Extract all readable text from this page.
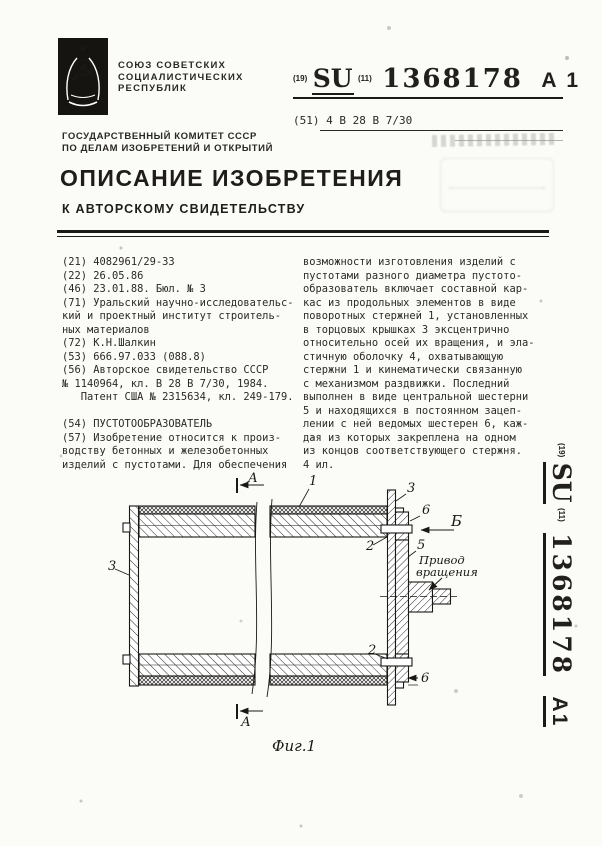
★
☭ СОЮЗ СОВЕТСКИХ
СОЦИАЛИСТИЧЕСКИХ
РЕСПУБЛИК
ГОСУДАРСТВЕННЫЙ КОМИТЕТ СССР
ПО ДЕЛАМ ИЗОБРЕТЕНИЙ И ОТКРЫТИЙ
$^{(19)}$ SU $^{(11)}$ 1368178 А 1
(51) 4 В 28 В 7/30
ОПИСАНИЕ ИЗОБРЕТЕНИЯ
К АВТОРСКОМУ СВИДЕТЕЛЬСТВУ
(21) 4082961/29-33
(22) 26.05.86
(46) 23.01.88. Бюл. № 3
(71) Уральский научно-исследовательс-
кий и проектный институт строитель-
ных материалов
(72) К.Н.Шалкин
(53) 666.97.033 (088.8)
(56) Авторское свидетельство СССР
№ 1140964, кл. В 28 В 7/30, 1984.
Патент США № 2315634, кл. 249-179.
(54) ПУСТОТООБРАЗОВАТЕЛЬ
(57) Изобретение относится к произ-
водству бетонных и железобетонных
изделий с пустотами. Для обеспечения
возможности изготовления изделий с
пустотами разного диаметра пустото-
образователь включает составной кар-
кас из продольных элементов в виде
поворотных стержней 1, установленных
в торцовых крышках 3 эксцентрично
относительно осей их вращения, и эла-
стичную оболочку 4, охватывающую
стержни 1 и кинематически связанную
с механизмом раздвижки. Последний
выполнен в виде центральной шестерни
5 и находящихся в постоянном зацеп-
лении с ней ведомых шестерен 6, каж-
дая из которых закреплена на одном
из концов соответствующего стержня.
4 ил.
$^{(19)}$ SU $^{(11)}$ 1368178 А1
А	1	3
6
Б
2	5
3
2
6
А
Привод
вращения
Фиг.1
